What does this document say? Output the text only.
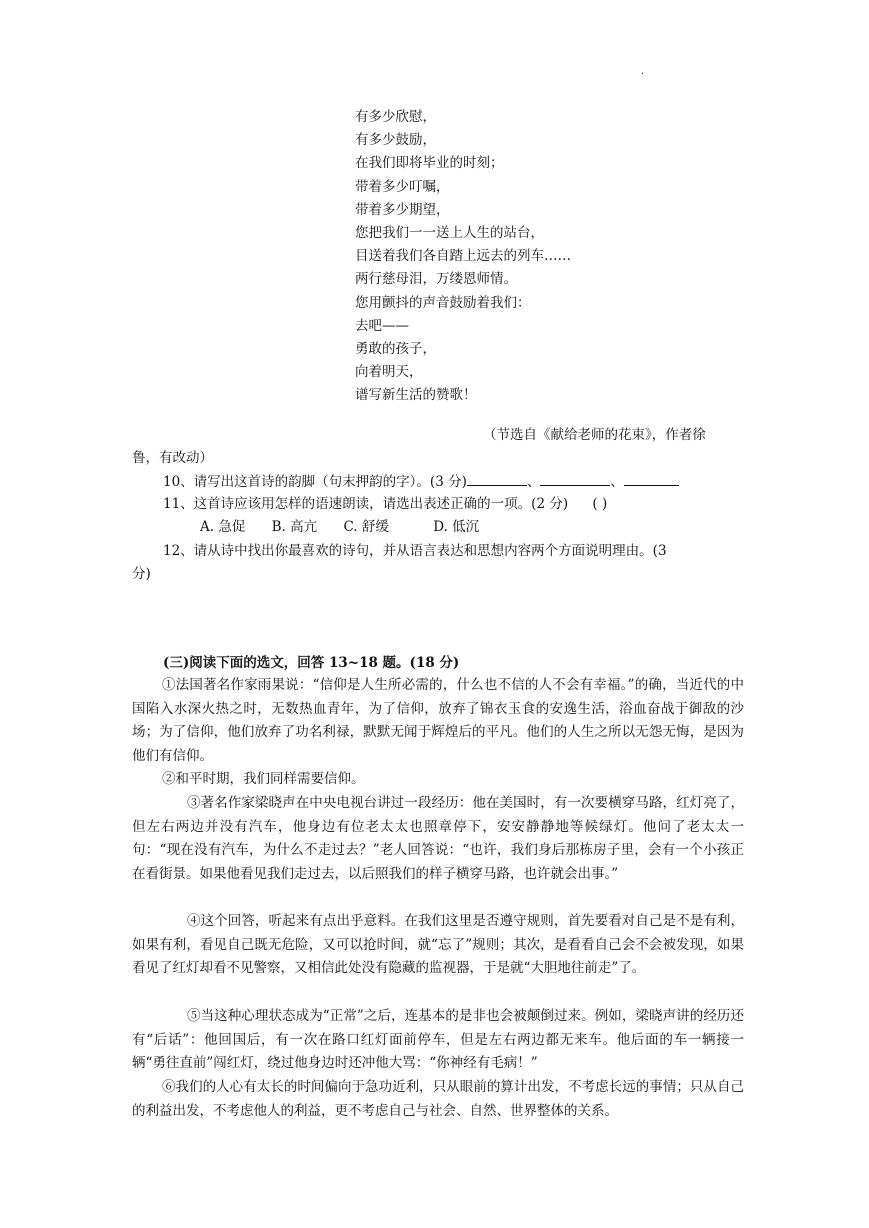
.
有多少欣慰，
有多少鼓励，
在我们即将毕业的时刻；
带着多少叮嘱，
带着多少期望，
您把我们一一送上人生的站台，
目送着我们各自踏上远去的列车……
两行慈母泪，万缕恩师情。
您用颤抖的声音鼓励着我们：
去吧——
勇敢的孩子，
向着明天，
谱写新生活的赞歌！
（节选自《献给老师的花束》，作者徐
鲁，有改动）
10、请写出这首诗的韵脚（句末押韵的字）。(3 分)	、	、
11、这首诗应该用怎样的语速朗读，请选出表述正确的一项。(2 分) ( )
A. 急促 B. 高亢 C. 舒缓	D. 低沉
12、请从诗中找出你最喜欢的诗句，并从语言表达和思想内容两个方面说明理由。(3
分)
(三)阅读下面的选文，回答 13~18 题。(18 分)
①法国著名作家雨果说：“信仰是人生所必需的，什么也不信的人不会有幸福。”的确，当近代的中国陷入水深火热之时，无数热血青年，为了信仰，放弃了锦衣玉食的安逸生活，浴血奋战于御敌的沙场；为了信仰，他们放弃了功名利禄，默默无闻于辉煌后的平凡。他们的人生之所以无怨无悔，是因为他们有信仰。
②和平时期，我们同样需要信仰。
③著名作家梁晓声在中央电视台讲过一段经历：他在美国时，有一次要横穿马路，红灯亮了，但左右两边并没有汽车，他身边有位老太太也照章停下，安安静静地等候绿灯。他问了老太太一句：“现在没有汽车，为什么不走过去？”老人回答说：“也许，我们身后那栋房子里，会有一个小孩正在看街景。如果他看见我们走过去，以后照我们的样子横穿马路，也许就会出事。”
④这个回答，听起来有点出乎意料。在我们这里是否遵守规则，首先要看对自己是不是有利，如果有利，看见自己既无危险，又可以抢时间，就“忘了”规则；其次，是看看自己会不会被发现，如果看见了红灯却看不见警察，又相信此处没有隐藏的监视器，于是就“大胆地往前走”了。
⑤当这种心理状态成为“正常”之后，连基本的是非也会被颠倒过来。例如，梁晓声讲的经历还有“后话”：他回国后，有一次在路口红灯面前停车，但是左右两边都无来车。他后面的车一辆接一辆“勇往直前”闯红灯，绕过他身边时还冲他大骂：“你神经有毛病！”
⑥我们的人心有太长的时间偏向于急功近利，只从眼前的算计出发，不考虑长远的事情；只从自己的利益出发，不考虑他人的利益，更不考虑自己与社会、自然、世界整体的关系。
